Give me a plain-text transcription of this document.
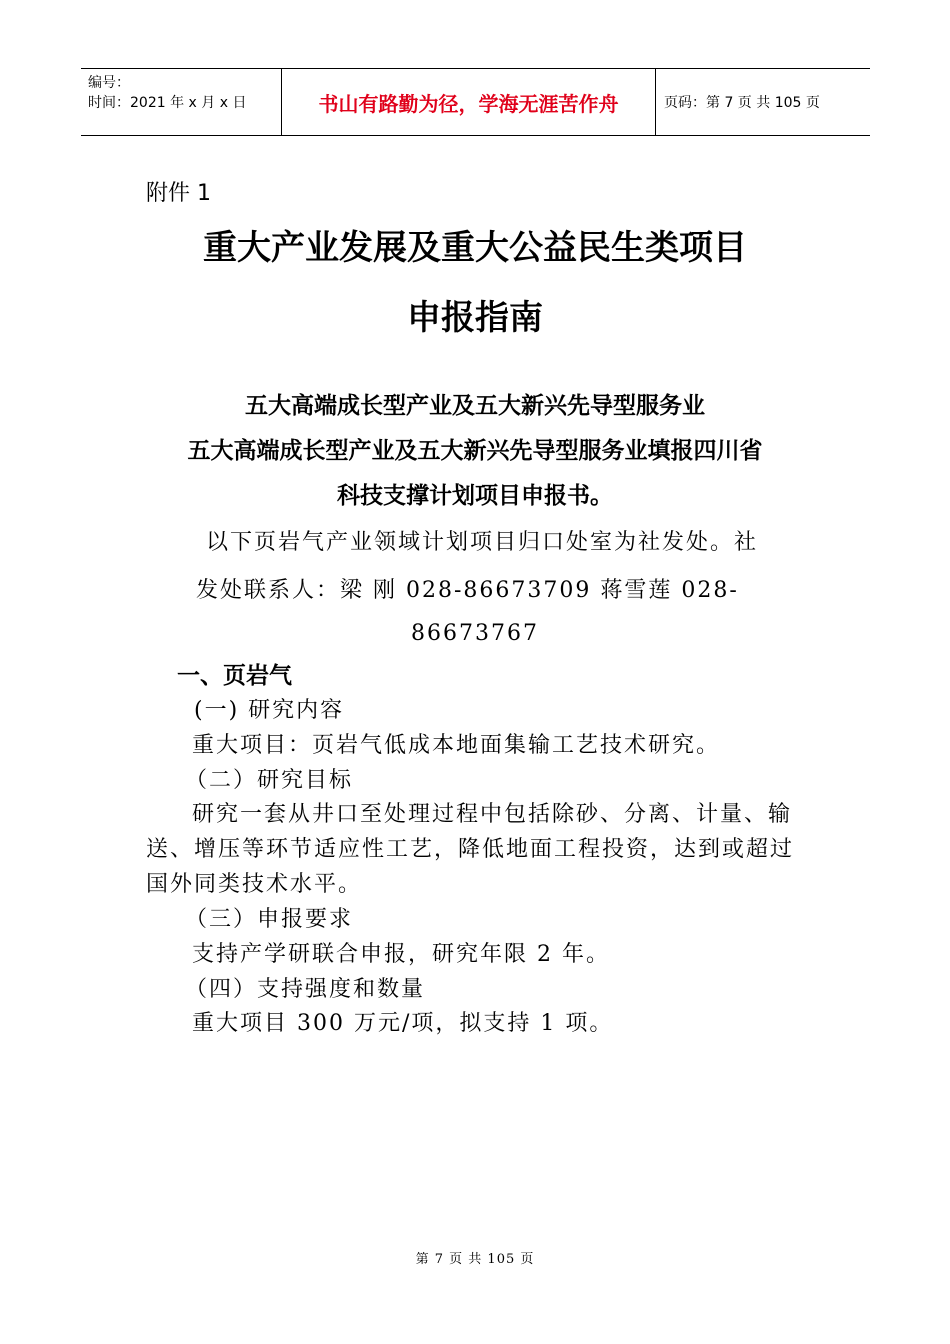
编号：
时间：2021 年 x 月 x 日	书山有路勤为径，学海无涯苦作舟	页码：第 7 页 共 105 页
附件 1
重大产业发展及重大公益民生类项目
申报指南
五大高端成长型产业及五大新兴先导型服务业
五大高端成长型产业及五大新兴先导型服务业填报四川省
科技支撑计划项目申报书。
以下页岩气产业领域计划项目归口处室为社发处。社
发处联系人：梁 刚 028-86673709 蒋雪莲 028-
86673767
一、页岩气
(一) 研究内容
重大项目：页岩气低成本地面集输工艺技术研究。
（二）研究目标
研究一套从井口至处理过程中包括除砂、分离、计量、输
送、增压等环节适应性工艺，降低地面工程投资，达到或超过
国外同类技术水平。
（三）申报要求
支持产学研联合申报，研究年限 2 年。
（四）支持强度和数量
重大项目 300 万元/项，拟支持 1 项。
第 7 页 共 105 页
